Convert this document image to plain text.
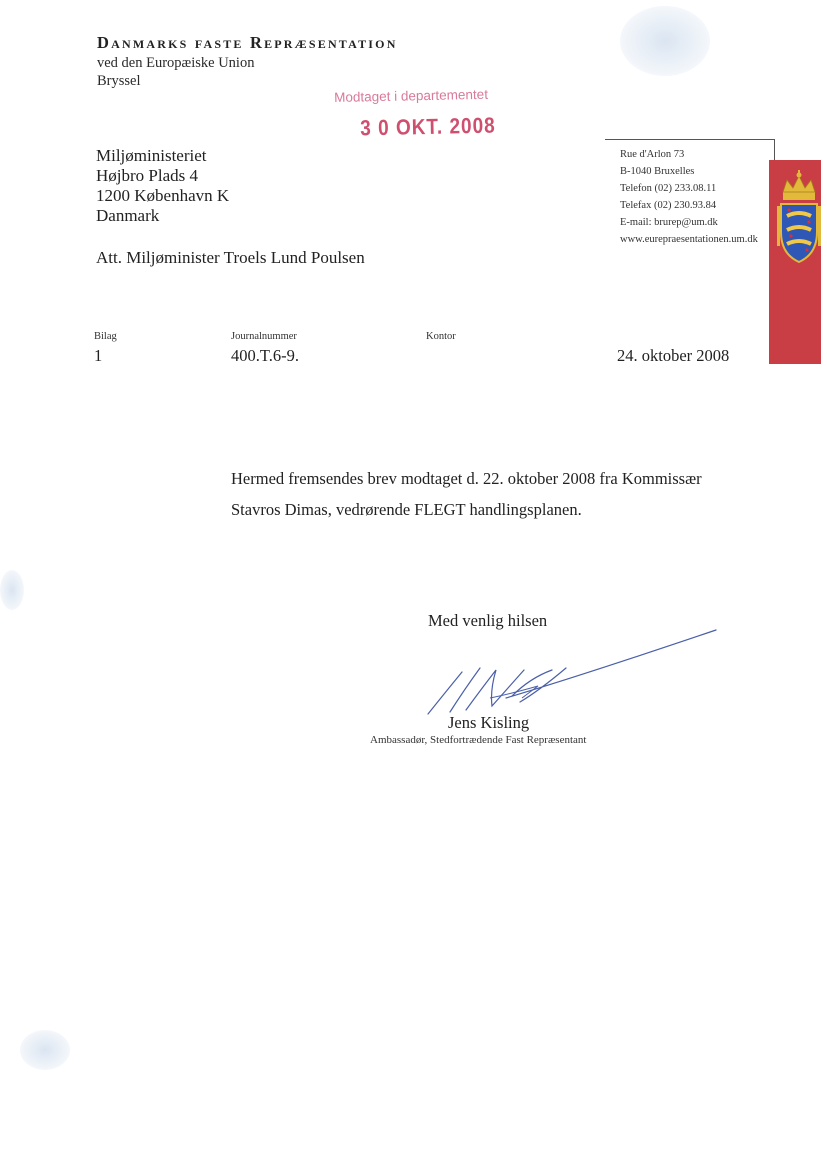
Danmarks faste Repræsentation
ved den Europæiske Union
Bryssel
Modtaget i departementet
3 0 OKT. 2008
Miljøministeriet
Højbro Plads 4
1200 København K
Danmark
Att. Miljøminister Troels Lund Poulsen
Rue d'Arlon 73
B-1040 Bruxelles
Telefon (02) 233.08.11
Telefax (02) 230.93.84
E-mail: brurep@um.dk
www.eurepraesentationen.um.dk
Bilag
1
Journalnummer
400.T.6-9.
Kontor
24. oktober 2008
Hermed fremsendes brev modtaget d. 22. oktober 2008 fra Kommissær
Stavros Dimas, vedrørende FLEGT handlingsplanen.
Med venlig hilsen
Jens Kisling
Ambassadør, Stedfortrædende Fast Repræsentant
